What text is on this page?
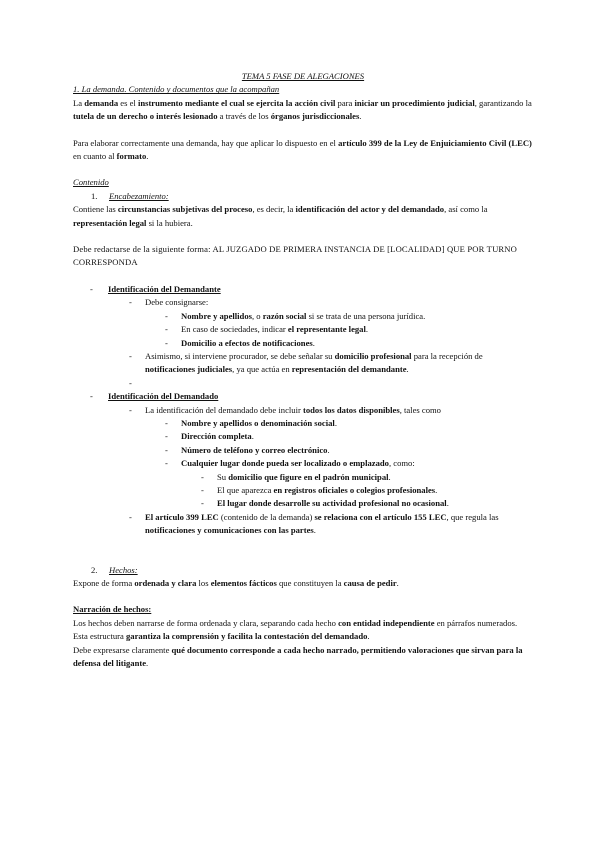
TEMA 5 FASE DE ALEGACIONES

1. La demanda. Contenido y documentos que la acompañan

La demanda es el instrumento mediante el cual se ejercita la acción civil para iniciar un procedimiento judicial, garantizando la tutela de un derecho o interés lesionado a través de los órganos jurisdiccionales.

Para elaborar correctamente una demanda, hay que aplicar lo dispuesto en el artículo 399 de la Ley de Enjuiciamiento Civil (LEC) en cuanto al formato.

Contenido

1. Encabezamiento:

Contiene las circunstancias subjetivas del proceso, es decir, la identificación del actor y del demandado, así como la representación legal si la hubiera.

Debe redactarse de la siguiente forma: AL JUZGADO DE PRIMERA INSTANCIA DE [LOCALIDAD] QUE POR TURNO CORRESPONDA

- Identificación del Demandante
- Debe consignarse:
- Nombre y apellidos, o razón social si se trata de una persona jurídica.
- En caso de sociedades, indicar el representante legal.
- Domicilio a efectos de notificaciones.
- Asimismo, si interviene procurador, se debe señalar su domicilio profesional para la recepción de notificaciones judiciales, ya que actúa en representación del demandante.
-
- Identificación del Demandado
- La identificación del demandado debe incluir todos los datos disponibles, tales como
- Nombre y apellidos o denominación social.
- Dirección completa.
- Número de teléfono y correo electrónico.
- Cualquier lugar donde pueda ser localizado o emplazado, como:
- Su domicilio que figure en el padrón municipal.
- El que aparezca en registros oficiales o colegios profesionales.
- El lugar donde desarrolle su actividad profesional no ocasional.
- El artículo 399 LEC (contenido de la demanda) se relaciona con el artículo 155 LEC, que regula las notificaciones y comunicaciones con las partes.

2. Hechos:

Expone de forma ordenada y clara los elementos fácticos que constituyen la causa de pedir.

Narración de hechos:

Los hechos deben narrarse de forma ordenada y clara, separando cada hecho con entidad independiente en párrafos numerados.

Esta estructura garantiza la comprensión y facilita la contestación del demandado.

Debe expresarse claramente qué documento corresponde a cada hecho narrado, permitiendo valoraciones que sirvan para la defensa del litigante.
